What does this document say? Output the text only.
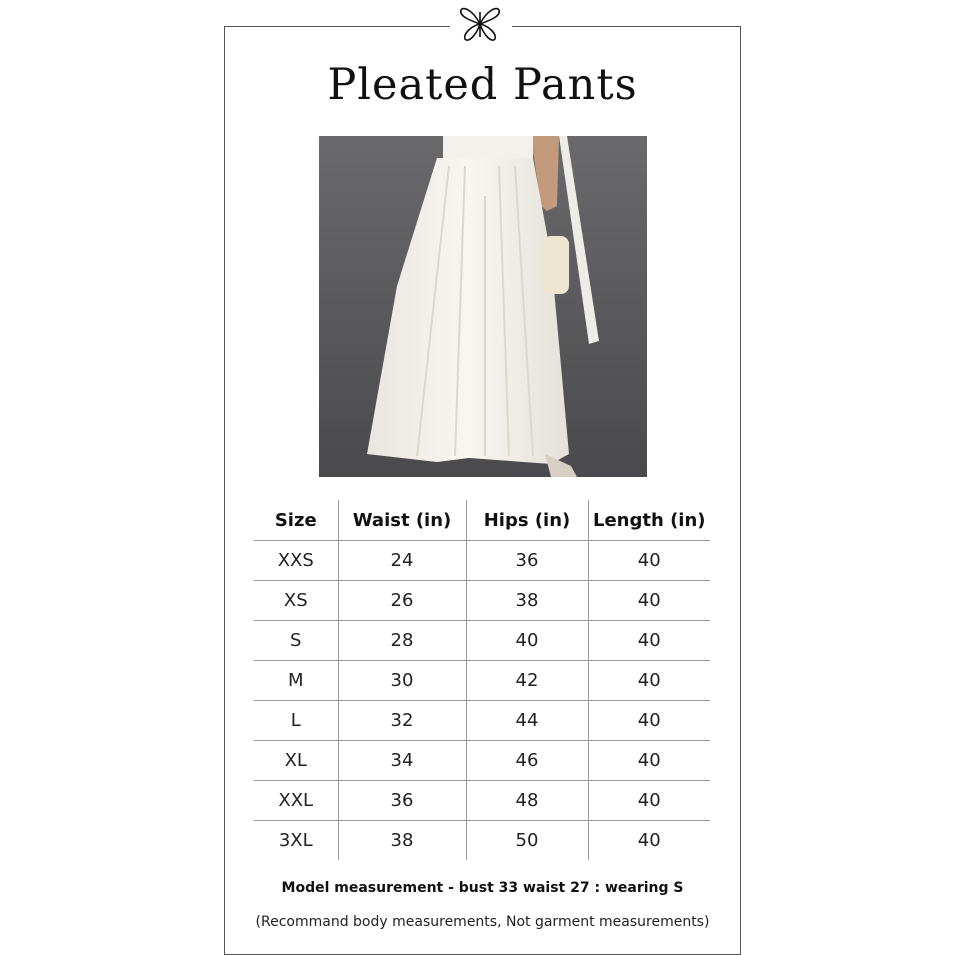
Pleated Pants
Size	Waist (in)	Hips (in)	Length (in)
XXS	24	36	40
XS	26	38	40
S	28	40	40
M	30	42	40
L	32	44	40
XL	34	46	40
XXL	36	48	40
3XL	38	50	40
Model measurement - bust 33 waist 27 : wearing S
(Recommand body measurements, Not garment measurements)
